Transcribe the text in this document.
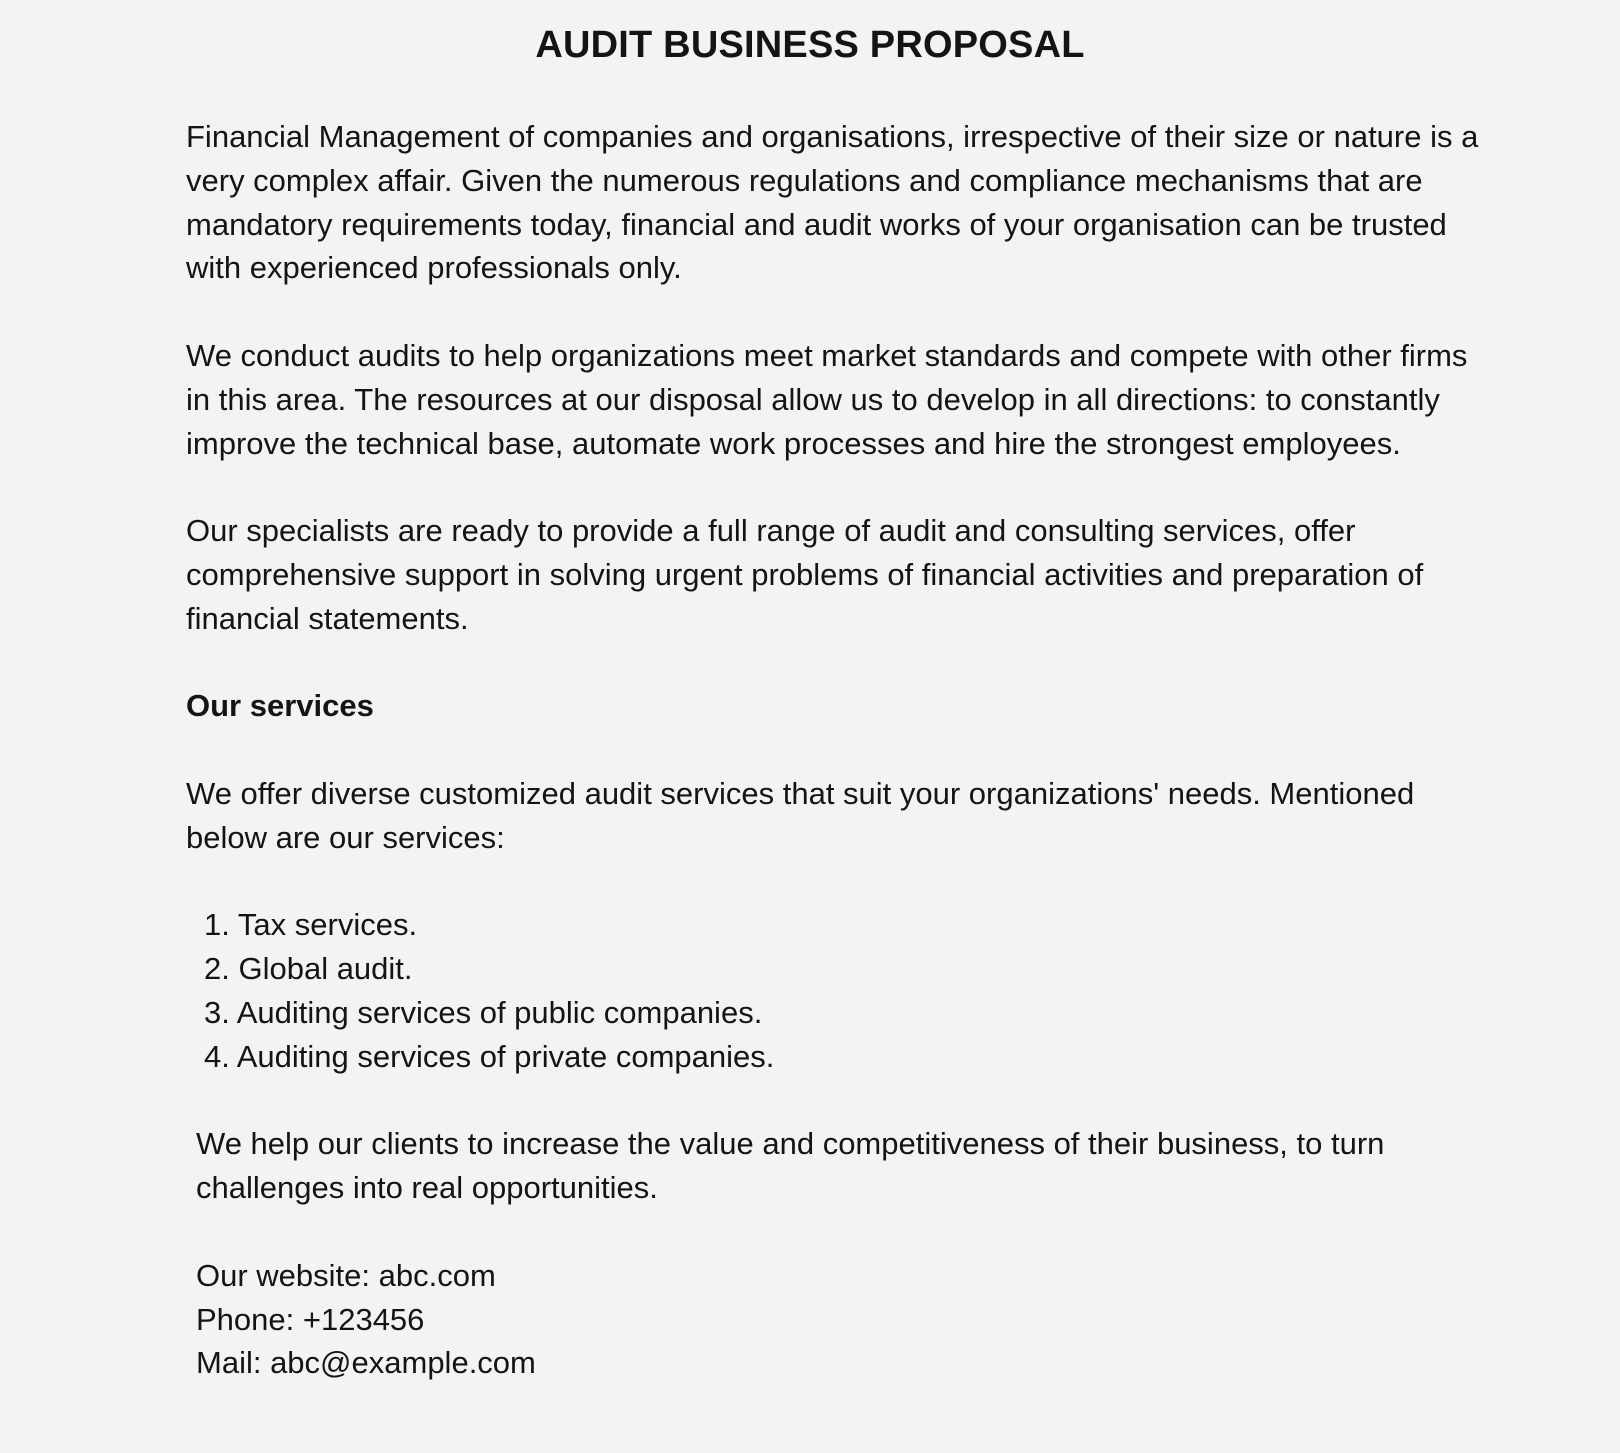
AUDIT BUSINESS PROPOSAL

Financial Management of companies and organisations, irrespective of their size or nature is a very complex affair. Given the numerous regulations and compliance mechanisms that are mandatory requirements today, financial and audit works of your organisation can be trusted with experienced professionals only.

We conduct audits to help organizations meet market standards and compete with other firms in this area. The resources at our disposal allow us to develop in all directions: to constantly improve the technical base, automate work processes and hire the strongest employees.

Our specialists are ready to provide a full range of audit and consulting services, offer comprehensive support in solving urgent problems of financial activities and preparation of financial statements.

Our services

We offer diverse customized audit services that suit your organizations' needs. Mentioned below are our services:

1. Tax services.
2. Global audit.
3. Auditing services of public companies.
4. Auditing services of private companies.

We help our clients to increase the value and competitiveness of their business, to turn challenges into real opportunities.

Our website: abc.com

Phone: +123456

Mail: abc@example.com
